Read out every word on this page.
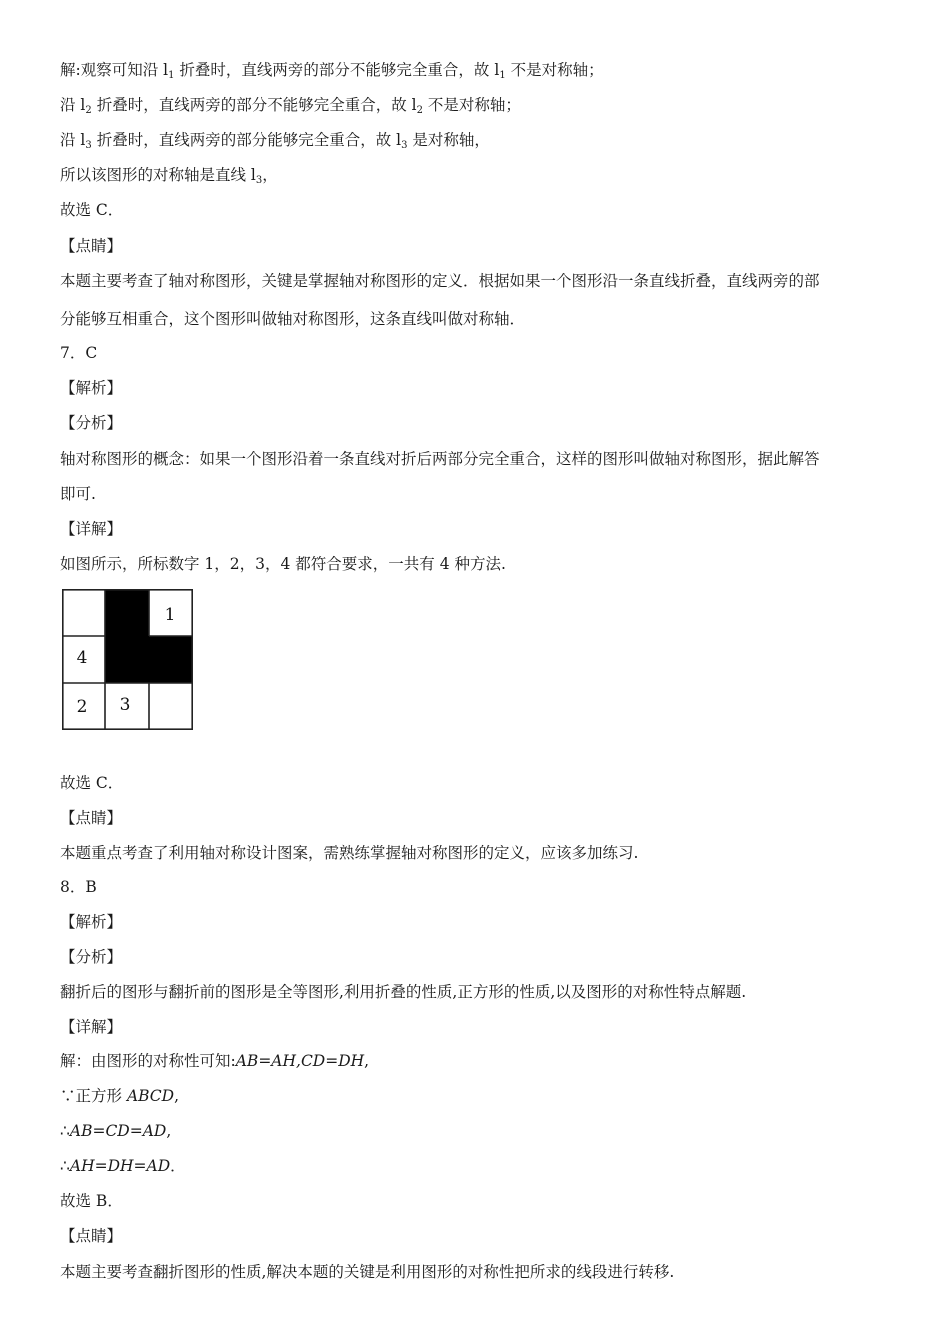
解:观察可知沿 $l_1$ 折叠时，直线两旁的部分不能够完全重合，故 $l_1$ 不是对称轴；
沿 $l_2$ 折叠时，直线两旁的部分不能够完全重合，故 $l_2$ 不是对称轴；
沿 $l_3$ 折叠时，直线两旁的部分能够完全重合，故 $l_3$ 是对称轴，
所以该图形的对称轴是直线 $l_3$，
故选 C．
【点睛】
本题主要考查了轴对称图形，关键是掌握轴对称图形的定义．根据如果一个图形沿一条直线折叠，直线两旁的部
分能够互相重合，这个图形叫做轴对称图形，这条直线叫做对称轴．
7．C
【解析】
【分析】
轴对称图形的概念：如果一个图形沿着一条直线对折后两部分完全重合，这样的图形叫做轴对称图形，据此解答
即可.
【详解】
如图所示，所标数字 1，2，3，4 都符合要求，一共有 4 种方法.
1
4
2 3
故选 C．
【点睛】
本题重点考查了利用轴对称设计图案，需熟练掌握轴对称图形的定义，应该多加练习.
8．B
【解析】
【分析】
翻折后的图形与翻折前的图形是全等图形,利用折叠的性质,正方形的性质,以及图形的对称性特点解题.
【详解】
解：由图形的对称性可知:AB=AH,CD=DH,
∵正方形 ABCD,
∴AB=CD=AD,
∴AH=DH=AD．
故选 B．
【点睛】
本题主要考查翻折图形的性质,解决本题的关键是利用图形的对称性把所求的线段进行转移.
